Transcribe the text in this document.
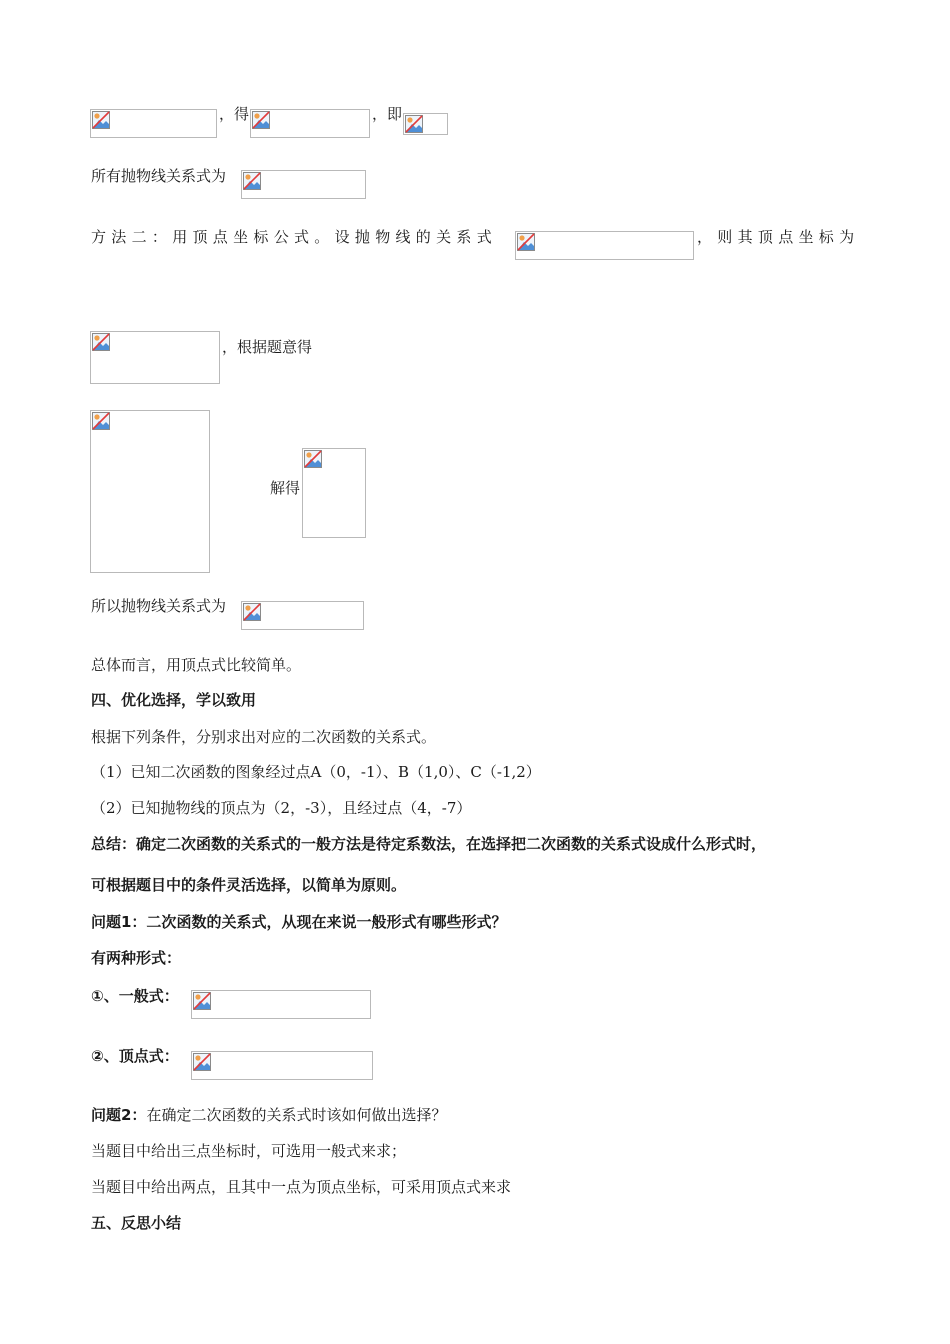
，得	，即
所有抛物线关系式为
方法二：用顶点坐标公式。设抛物线的关系式	，则其顶点坐标为
，根据题意得
解得
所以抛物线关系式为
总体而言，用顶点式比较简单。
四、优化选择，学以致用
根据下列条件，分别求出对应的二次函数的关系式。
（1）已知二次函数的图象经过点A（0，-1）、B（1,0）、C（-1,2）
（2）已知抛物线的顶点为（2，-3），且经过点（4，-7）
总结：确定二次函数的关系式的一般方法是待定系数法，在选择把二次函数的关系式设成什么形式时，
可根据题目中的条件灵活选择，以简单为原则。
问题1：二次函数的关系式，从现在来说一般形式有哪些形式？
有两种形式：
①、一般式：
②、顶点式：
问题2：在确定二次函数的关系式时该如何做出选择？
当题目中给出三点坐标时，可选用一般式来求；
当题目中给出两点，且其中一点为顶点坐标，可采用顶点式来求
五、反思小结
